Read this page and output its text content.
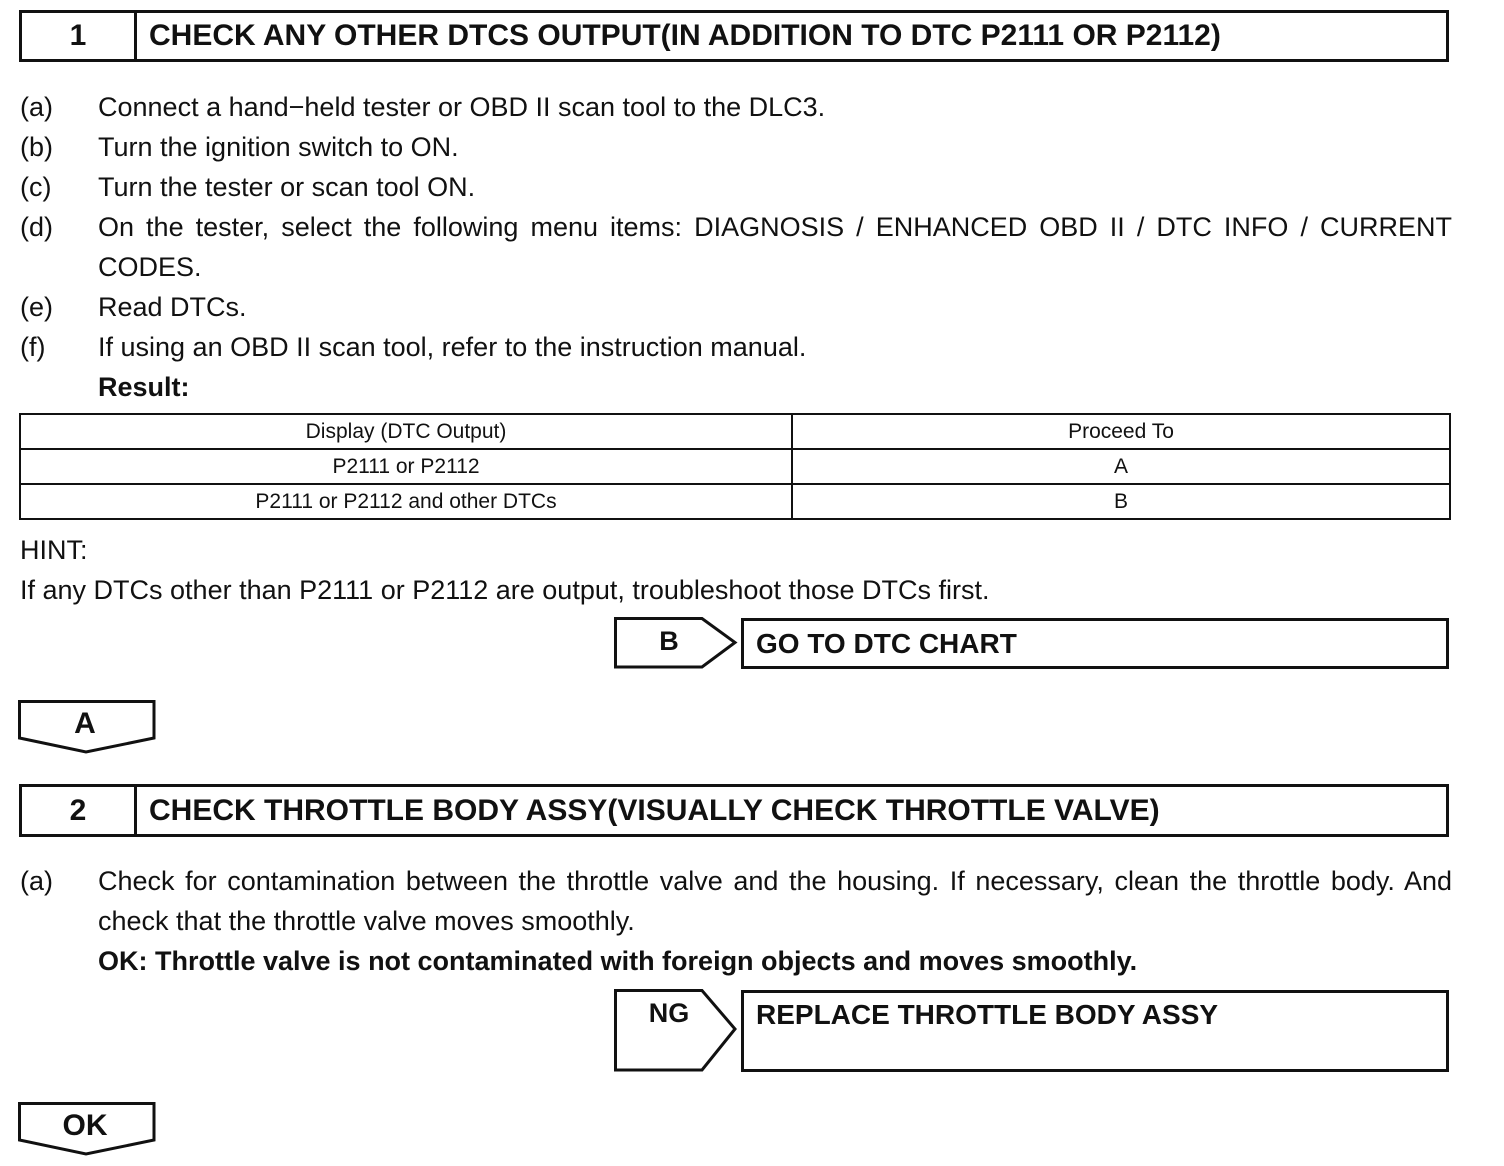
1	CHECK ANY OTHER DTCS OUTPUT(IN ADDITION TO DTC P2111 OR P2112)
(a) Connect a hand−held tester or OBD II scan tool to the DLC3.
(b) Turn the ignition switch to ON.
(c) Turn the tester or scan tool ON.
(d) On the tester, select the following menu items: DIAGNOSIS / ENHANCED OBD II / DTC INFO / CURRENT CODES.
(e) Read DTCs.
(f) If using an OBD II scan tool, refer to the instruction manual.
Result:
Display (DTC Output)	Proceed To
P2111 or P2112	A
P2111 or P2112 and other DTCs	B
HINT:
If any DTCs other than P2111 or P2112 are output, troubleshoot those DTCs first.
B	GO TO DTC CHART
A
2	CHECK THROTTLE BODY ASSY(VISUALLY CHECK THROTTLE VALVE)
(a) Check for contamination between the throttle valve and the housing. If necessary, clean the throttle body. And check that the throttle valve moves smoothly.
OK: Throttle valve is not contaminated with foreign objects and moves smoothly.
NG	REPLACE THROTTLE BODY ASSY
OK
